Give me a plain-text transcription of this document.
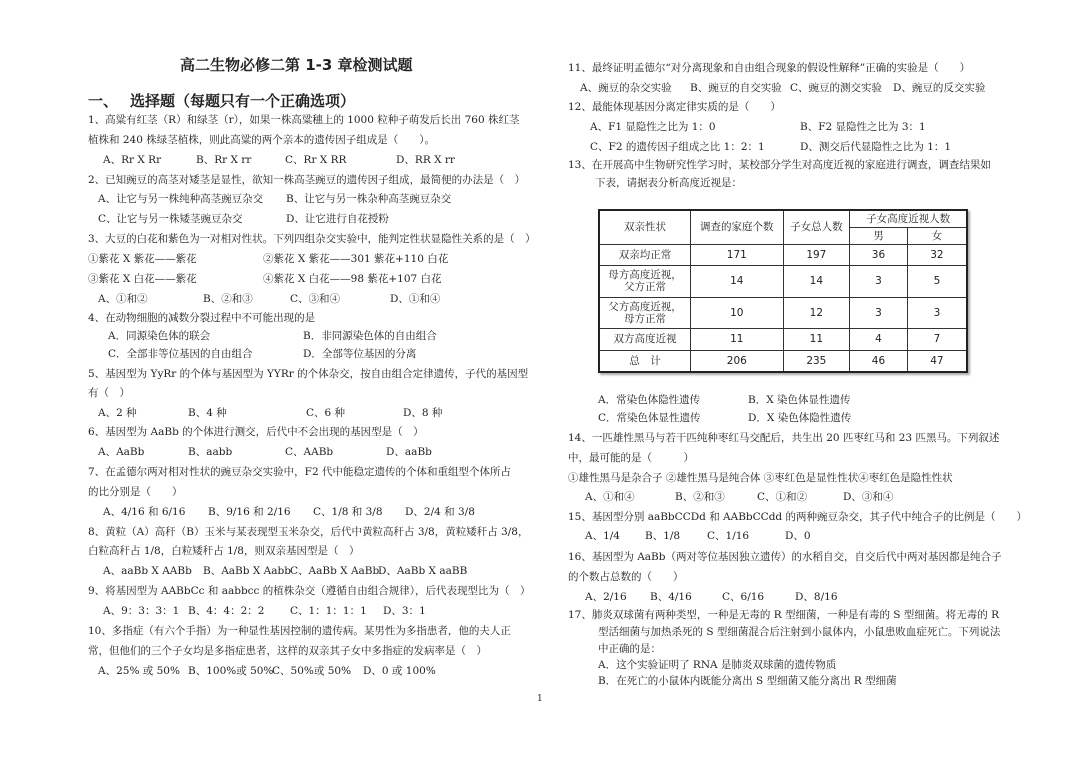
高二生物必修二第 1-3 章检测试题
一、 选择题（每题只有一个正确选项）
1、高粱有红茎（R）和绿茎（r），如果一株高粱穗上的 1000 粒种子萌发后长出 760 株红茎
植株和 240 株绿茎植株，则此高粱的两个亲本的遗传因子组成是（　　）。
A、Rr X Rr	B、Rr X rr	C、Rr X RR	D、RR X rr
2、已知豌豆的高茎对矮茎是显性，欲知一株高茎豌豆的遗传因子组成，最简便的办法是（　）
A、让它与另一株纯种高茎豌豆杂交 B、让它与另一株杂种高茎豌豆杂交
C、让它与另一株矮茎豌豆杂交	D、让它进行自花授粉
3、大豆的白花和紫色为一对相对性状。下列四组杂交实验中，能判定性状显隐性关系的是（　）
①紫花 X 紫花——紫花	②紫花 X 紫花——301 紫花+110 白花
③紫花 X 白花——紫花	④紫花 X 白花——98 紫花+107 白花
A、①和②	B、②和③	C、③和④	D、①和④
4、在动物细胞的减数分裂过程中不可能出现的是
A．同源染色体的联会	B．非同源染色体的自由组合
C．全部非等位基因的自由组合	D．全部等位基因的分离
5、基因型为 YyRr 的个体与基因型为 YYRr 的个体杂交，按自由组合定律遗传，子代的基因型
有（　）
A、2 种	B、4 种	C、6 种	D、8 种
6、基因型为 AaBb 的个体进行测交，后代中不会出现的基因型是（　）
A、AaBb	B、aabb	C、AABb	D、aaBb
7、在孟德尔两对相对性状的豌豆杂交实验中，F2 代中能稳定遗传的个体和重组型个体所占
的比分别是（　　）
A、4/16 和 6/16 B、9/16 和 2/16 C、1/8 和 3/8 D、2/4 和 3/8
8、黄粒（A）高秆（B）玉米与某表现型玉米杂交，后代中黄粒高秆占 3/8，黄粒矮秆占 3/8，
白粒高秆占 1/8，白粒矮秆占 1/8，则双亲基因型是（　）
A、aaBb X AABb B、AaBb X Aabb C、AaBb X AaBb
D、AaBb X aaBB
9、将基因型为 AABbCc 和 aabbcc 的植株杂交（遵循自由组合规律），后代表现型比为（　）
A、9：3：3：1 B、4：4：2：2 C、1：1：1：1 D、3：1
10、多指症（有六个手指）为一种显性基因控制的遗传病。某男性为多指患者，他的夫人正
常，但他们的三个子女均是多指症患者，这样的双亲其子女中多指症的发病率是（　）
A、25% 或 50% B、100%或 50%
C、50%或 50% D、0 或 100%
11、最终证明孟德尔“对分离现象和自由组合现象的假设性解释”正确的实验是（　　）
A、豌豆的杂交实验 B、豌豆的自交实验 C、豌豆的测交实验 D、豌豆的反交实验
12、最能体现基因分离定律实质的是（　　）
A、F1 显隐性之比为 1：0	B、F2 显隐性之比为 3：1
C、F2 的遗传因子组成之比 1：2：1	D、测交后代显隐性之比为 1：1
13、在开展高中生物研究性学习时，某校部分学生对高度近视的家庭进行调查，调查结果如
下表，请据表分析高度近视是：
双亲性状	调查的家庭个数	子女总人数	子女高度近视人数	
			男	女
双亲均正常	171	197	36	32
母方高度近视，父方正常	14	14	3	5
父方高度近视，母方正常	10	12	3	3
双方高度近视	11	11	4	7
总　计	206	235	46	47
A．常染色体隐性遗传	B．X 染色体显性遗传
C．常染色体显性遗传	D．X 染色体隐性遗传
14、一匹雄性黑马与若干匹纯种枣红马交配后，共生出 20 匹枣红马和 23 匹黑马。下列叙述
中，最可能的是（　　　）
①雄性黑马是杂合子 ②雄性黑马是纯合体 ③枣红色是显性性状④枣红色是隐性性状
A、①和④	B、②和③	C、①和②	D、③和④
15、基因型分别 aaBbCCDd 和 AABbCCdd 的两种豌豆杂交，其子代中纯合子的比例是（　　）
A、1/4 B、1/8	C、1/16	D、0
16、基因型为 AaBb（两对等位基因独立遗传）的水稻自交，自交后代中两对基因都是纯合子
的个数占总数的（　　）
A、2/16 B、4/16	C、6/16	D、8/16
17、肺炎双球菌有两种类型，一种是无毒的 R 型细菌，一种是有毒的 S 型细菌。将无毒的 R
型活细菌与加热杀死的 S 型细菌混合后注射到小鼠体内，小鼠患败血症死亡。下列说法
中正确的是：
A．这个实验证明了 RNA 是肺炎双球菌的遗传物质
B．在死亡的小鼠体内既能分离出 S 型细菌又能分离出 R 型细菌
1
